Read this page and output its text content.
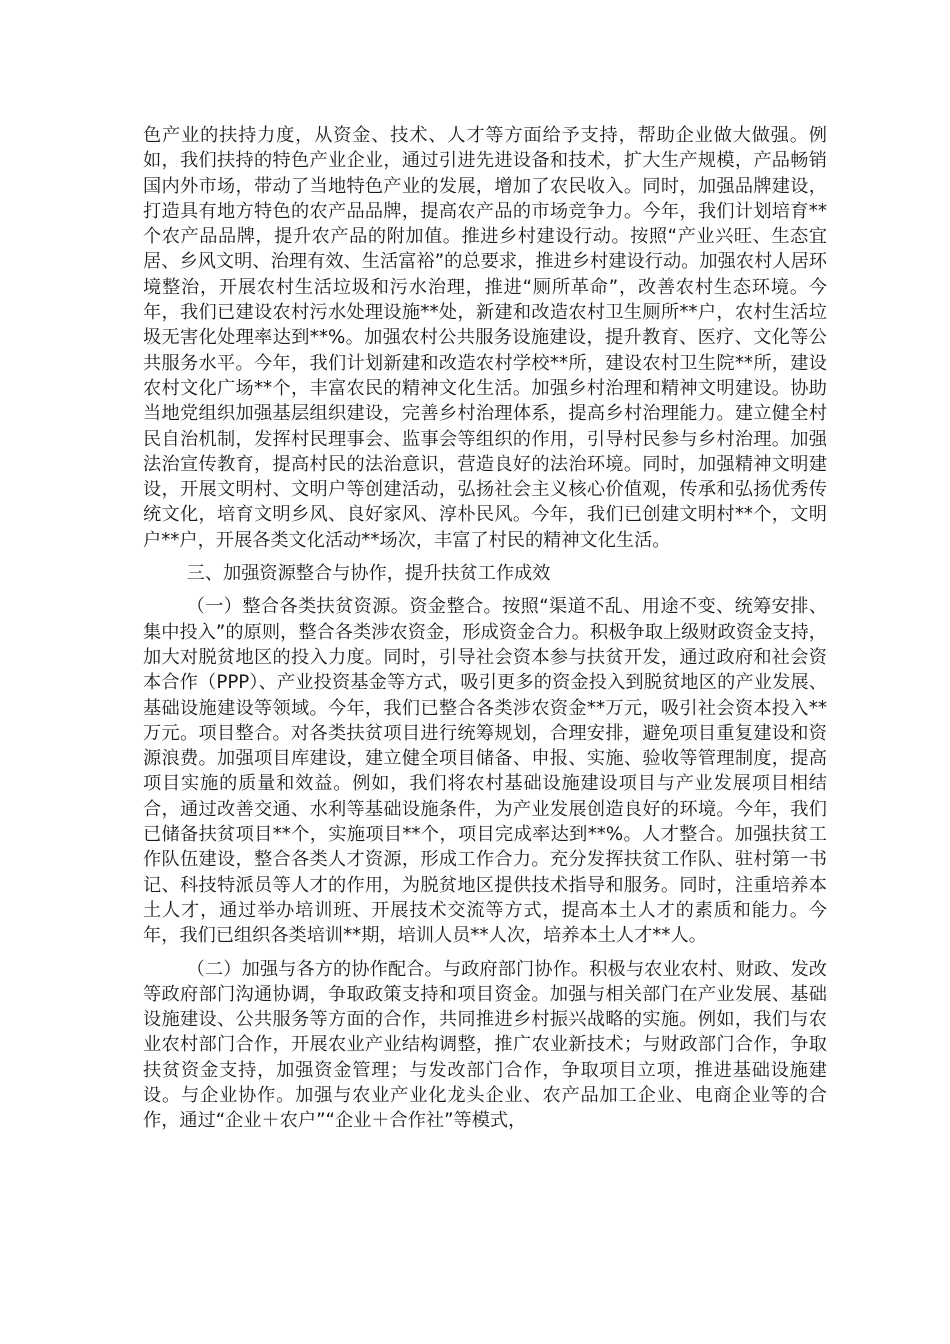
色产业的扶持力度，从资金、技术、人才等方面给予支持，帮助企业做大做强。例如，我们扶持的特色产业企业，通过引进先进设备和技术，扩大生产规模，产品畅销国内外市场，带动了当地特色产业的发展，增加了农民收入。同时，加强品牌建设，打造具有地方特色的农产品品牌，提高农产品的市场竞争力。今年，我们计划培育**个农产品品牌，提升农产品的附加值。推进乡村建设行动。按照“产业兴旺、生态宜居、乡风文明、治理有效、生活富裕”的总要求，推进乡村建设行动。加强农村人居环境整治，开展农村生活垃圾和污水治理，推进“厕所革命”，改善农村生态环境。今年，我们已建设农村污水处理设施**处，新建和改造农村卫生厕所**户，农村生活垃圾无害化处理率达到**%。加强农村公共服务设施建设，提升教育、医疗、文化等公共服务水平。今年，我们计划新建和改造农村学校**所，建设农村卫生院**所，建设农村文化广场**个，丰富农民的精神文化生活。加强乡村治理和精神文明建设。协助当地党组织加强基层组织建设，完善乡村治理体系，提高乡村治理能力。建立健全村民自治机制，发挥村民理事会、监事会等组织的作用，引导村民参与乡村治理。加强法治宣传教育，提高村民的法治意识，营造良好的法治环境。同时，加强精神文明建设，开展文明村、文明户等创建活动，弘扬社会主义核心价值观，传承和弘扬优秀传统文化，培育文明乡风、良好家风、淳朴民风。今年，我们已创建文明村**个，文明户**户，开展各类文化活动**场次，丰富了村民的精神文化生活。

三、加强资源整合与协作，提升扶贫工作成效

（一）整合各类扶贫资源。资金整合。按照“渠道不乱、用途不变、统筹安排、集中投入”的原则，整合各类涉农资金，形成资金合力。积极争取上级财政资金支持，加大对脱贫地区的投入力度。同时，引导社会资本参与扶贫开发，通过政府和社会资本合作（PPP）、产业投资基金等方式，吸引更多的资金投入到脱贫地区的产业发展、基础设施建设等领域。今年，我们已整合各类涉农资金**万元，吸引社会资本投入**万元。项目整合。对各类扶贫项目进行统筹规划，合理安排，避免项目重复建设和资源浪费。加强项目库建设，建立健全项目储备、申报、实施、验收等管理制度，提高项目实施的质量和效益。例如，我们将农村基础设施建设项目与产业发展项目相结合，通过改善交通、水利等基础设施条件，为产业发展创造良好的环境。今年，我们已储备扶贫项目**个，实施项目**个，项目完成率达到**%。人才整合。加强扶贫工作队伍建设，整合各类人才资源，形成工作合力。充分发挥扶贫工作队、驻村第一书记、科技特派员等人才的作用，为脱贫地区提供技术指导和服务。同时，注重培养本土人才，通过举办培训班、开展技术交流等方式，提高本土人才的素质和能力。今年，我们已组织各类培训**期，培训人员**人次，培养本土人才**人。

（二）加强与各方的协作配合。与政府部门协作。积极与农业农村、财政、发改等政府部门沟通协调，争取政策支持和项目资金。加强与相关部门在产业发展、基础设施建设、公共服务等方面的合作，共同推进乡村振兴战略的实施。例如，我们与农业农村部门合作，开展农业产业结构调整，推广农业新技术；与财政部门合作，争取扶贫资金支持，加强资金管理；与发改部门合作，争取项目立项，推进基础设施建设。与企业协作。加强与农业产业化龙头企业、农产品加工企业、电商企业等的合作，通过“企业＋农户”“企业＋合作社”等模式，
